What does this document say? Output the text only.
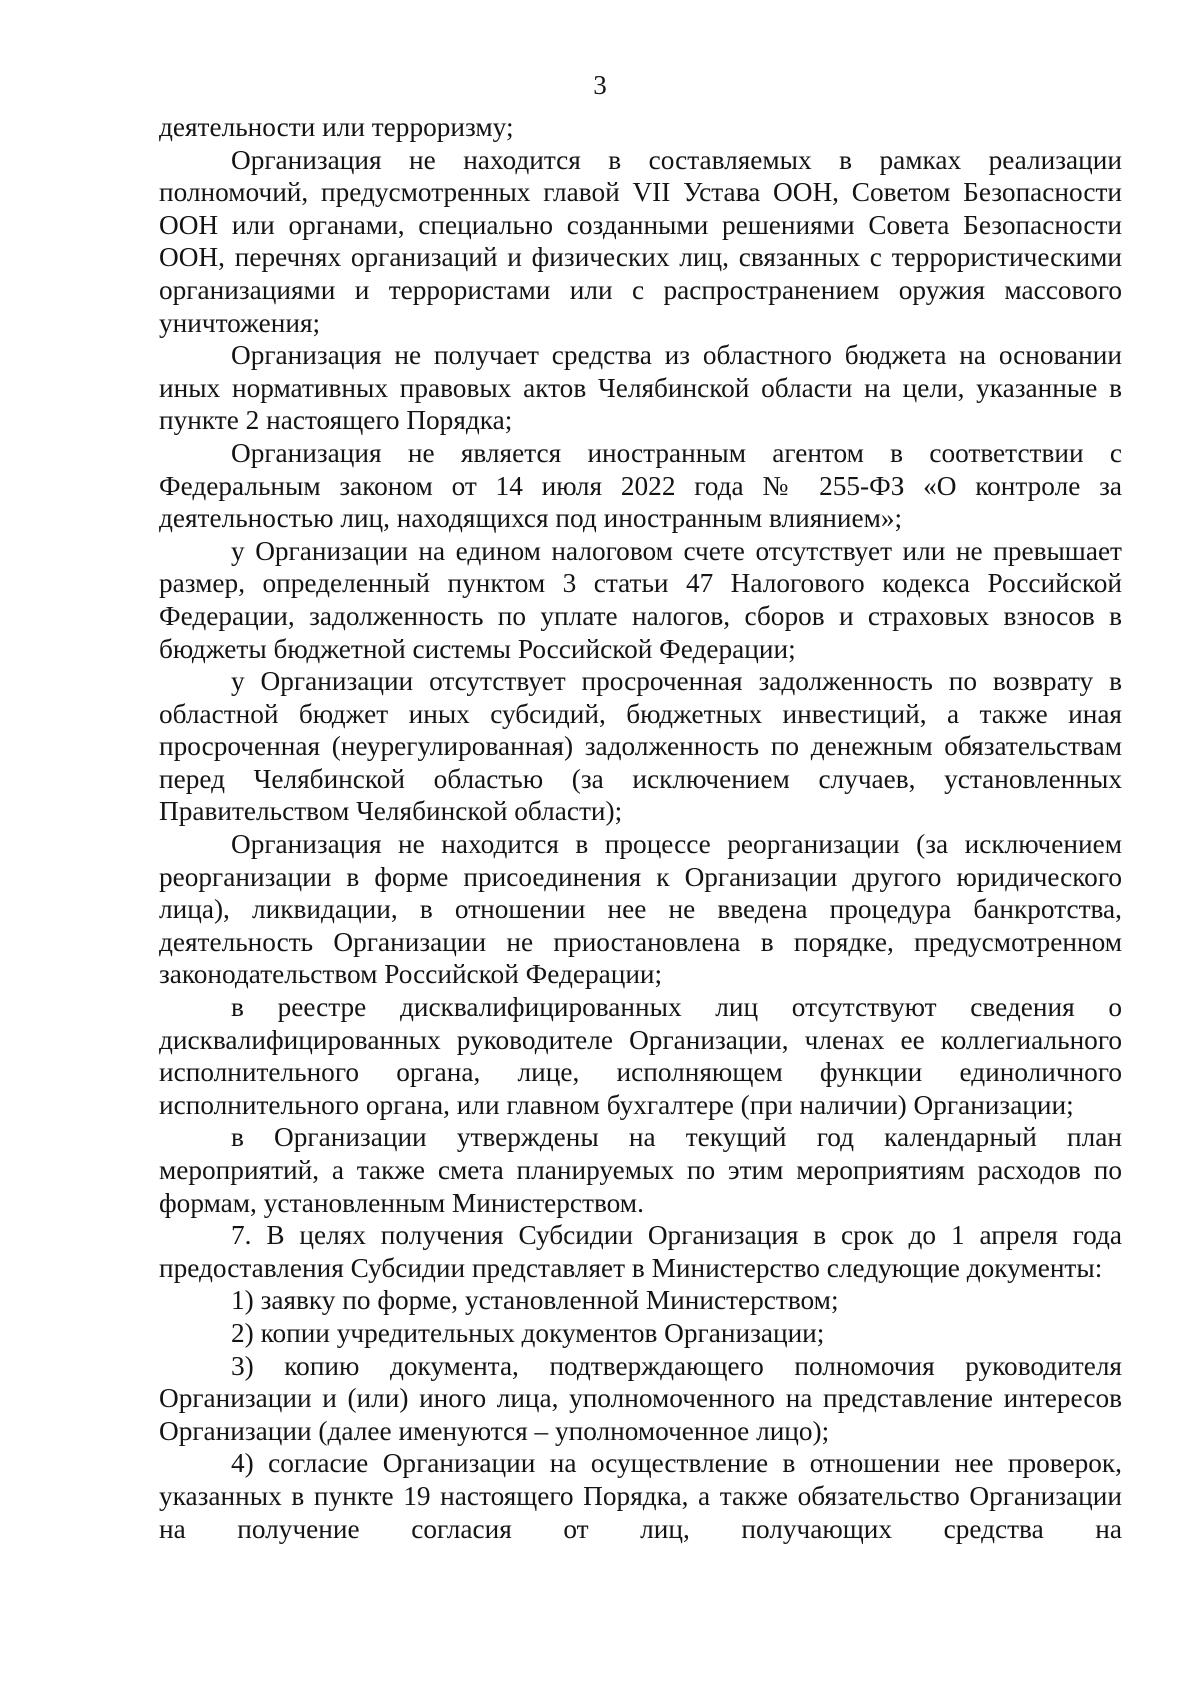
3

деятельности или терроризму;

Организация не находится в составляемых в рамках реализации полномочий, предусмотренных главой VII Устава ООН, Советом Безопасности ООН или органами, специально созданными решениями Совета Безопасности ООН, перечнях организаций и физических лиц, связанных с террористическими организациями и террористами или с распространением оружия массового уничтожения;

Организация не получает средства из областного бюджета на основании иных нормативных правовых актов Челябинской области на цели, указанные в пункте 2 настоящего Порядка;

Организация не является иностранным агентом в соответствии с Федеральным законом от 14 июля 2022 года № 255-ФЗ «О контроле за деятельностью лиц, находящихся под иностранным влиянием»;

у Организации на едином налоговом счете отсутствует или не превышает размер, определенный пунктом 3 статьи 47 Налогового кодекса Российской Федерации, задолженность по уплате налогов, сборов и страховых взносов в бюджеты бюджетной системы Российской Федерации;

у Организации отсутствует просроченная задолженность по возврату в областной бюджет иных субсидий, бюджетных инвестиций, а также иная просроченная (неурегулированная) задолженность по денежным обязательствам перед Челябинской областью (за исключением случаев, установленных Правительством Челябинской области);

Организация не находится в процессе реорганизации (за исключением реорганизации в форме присоединения к Организации другого юридического лица), ликвидации, в отношении нее не введена процедура банкротства, деятельность Организации не приостановлена в порядке, предусмотренном законодательством Российской Федерации;

в реестре дисквалифицированных лиц отсутствуют сведения о дисквалифицированных руководителе Организации, членах ее коллегиального исполнительного органа, лице, исполняющем функции единоличного исполнительного органа, или главном бухгалтере (при наличии) Организации;

в Организации утверждены на текущий год календарный план мероприятий, а также смета планируемых по этим мероприятиям расходов по формам, установленным Министерством.

7. В целях получения Субсидии Организация в срок до 1 апреля года предоставления Субсидии представляет в Министерство следующие документы:

1) заявку по форме, установленной Министерством;

2) копии учредительных документов Организации;

3) копию документа, подтверждающего полномочия руководителя Организации и (или) иного лица, уполномоченного на представление интересов Организации (далее именуются – уполномоченное лицо);

4) согласие Организации на осуществление в отношении нее проверок, указанных в пункте 19 настоящего Порядка, а также обязательство Организации на получение согласия от лиц, получающих средства на
